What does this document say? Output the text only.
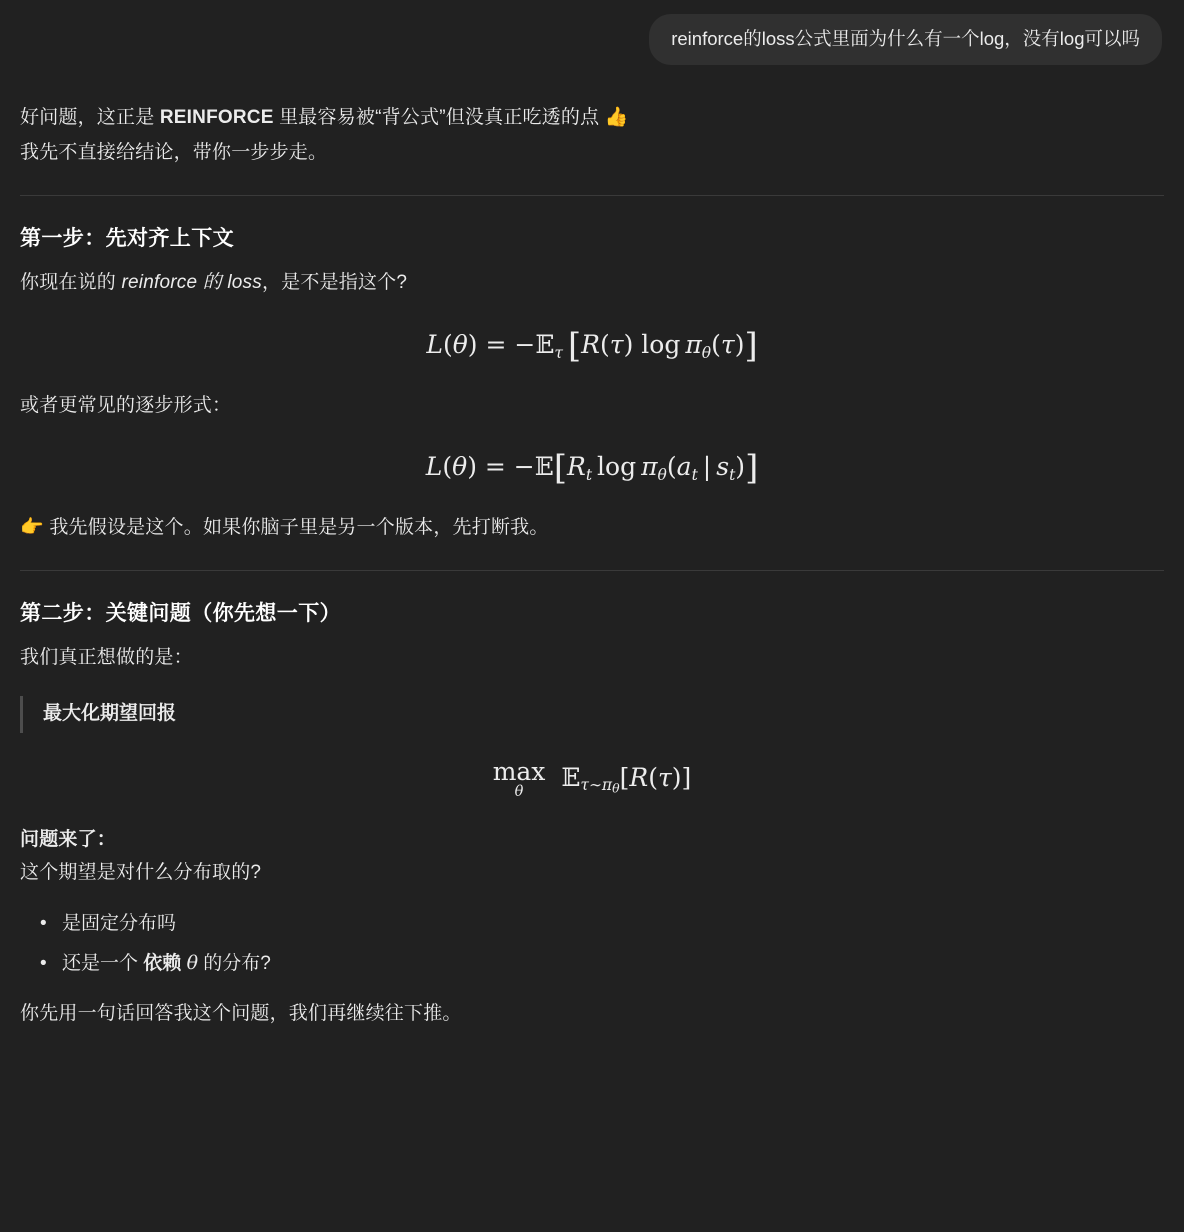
reinforce的loss公式里面为什么有一个log，没有log可以吗

好问题，这正是 REINFORCE 里最容易被“背公式”但没真正吃透的点 👍

我先不直接给结论，带你一步步走。

第一步：先对齐上下文

你现在说的 reinforce 的 loss，是不是指这个?

L(θ) = −𝔼$_\tau$  [R(τ) $\log \pi_\theta(\tau)$]

或者更常见的逐步形式：

$L(\theta) = -𝔼[R_t$  $\log \pi_\theta(a_t$ | $s_t$)]

👉 我先假设是这个。如果你脑子里是另一个版本，先打断我。

第二步：关键问题（你先想一下）

我们真正想做的是：

最大化期望回报
max
θ
𝔼$_{\tau\sim\pi\theta}$[R(τ)]

问题来了：

这个期望是对什么分布取的?

• 是固定分布吗
• 还是一个 依赖 θ 的分布?

你先用一句话回答我这个问题，我们再继续往下推。
